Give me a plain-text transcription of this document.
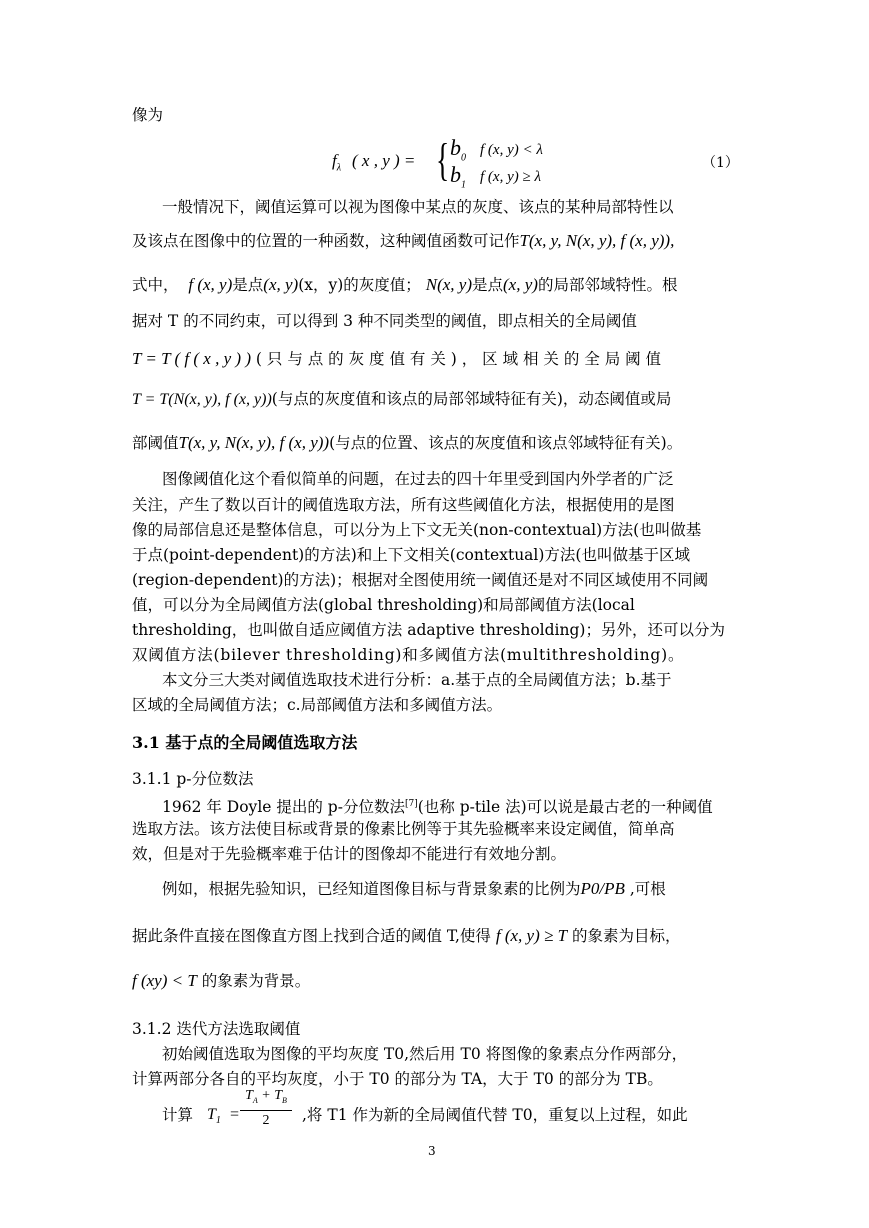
像为
$f_\lambda$ ( x , y ) = { $b_0$ f (x, y) < λ
$b_1$ f (x, y) ≥ λ
（1）
一般情况下，阈值运算可以视为图像中某点的灰度、该点的某种局部特性以
及该点在图像中的位置的一种函数，这种阈值函数可记作T(x, y, N(x, y), f (x, y)),
式中， f (x, y)是点(x, y)(x，y)的灰度值； N(x, y)是点(x, y)的局部邻域特性。根
据对 T 的不同约束，可以得到 3 种不同类型的阈值，即点相关的全局阈值
T = T ( f ( x , y ) ) ( 只 与 点 的 灰 度 值 有 关 ) ， 区 域 相 关 的 全 局 阈 值
T = T(N(x, y), f (x, y))(与点的灰度值和该点的局部邻域特征有关)，动态阈值或局
部阈值T(x, y, N(x, y), f (x, y))(与点的位置、该点的灰度值和该点邻域特征有关)。
图像阈值化这个看似简单的问题，在过去的四十年里受到国内外学者的广泛
关注，产生了数以百计的阈值选取方法，所有这些阈值化方法，根据使用的是图
像的局部信息还是整体信息，可以分为上下文无关(non-contextual)方法(也叫做基
于点(point-dependent)的方法)和上下文相关(contextual)方法(也叫做基于区域
(region-dependent)的方法)；根据对全图使用统一阈值还是对不同区域使用不同阈
值，可以分为全局阈值方法(global thresholding)和局部阈值方法(local
thresholding，也叫做自适应阈值方法 adaptive thresholding)；另外，还可以分为
双阈值方法(bilever thresholding)和多阈值方法(multithresholding)。
本文分三大类对阈值选取技术进行分析：a.基于点的全局阈值方法；b.基于
区域的全局阈值方法；c.局部阈值方法和多阈值方法。
3.1 基于点的全局阈值选取方法
3.1.1 p-分位数法
1962 年 Doyle 提出的 p-分位数法[7](也称 p-tile 法)可以说是最古老的一种阈值
选取方法。该方法使目标或背景的像素比例等于其先验概率来设定阈值，简单高
效，但是对于先验概率难于估计的图像却不能进行有效地分割。
例如，根据先验知识，已经知道图像目标与背景象素的比例为P0/PB ,可根
据此条件直接在图像直方图上找到合适的阈值 T,使得 f (x, y) ≥ T 的象素为目标，
f (xy) < T 的象素为背景。
3.1.2 迭代方法选取阈值
初始阈值选取为图像的平均灰度 T0,然后用 T0 将图像的象素点分作两部分，
计算两部分各自的平均灰度，小于 T0 的部分为 TA，大于 T0 的部分为 TB。
计算 $T_1 = \frac{T_A + T_B}{2}$ ,将 T1 作为新的全局阈值代替 T0，重复以上过程，如此
3
